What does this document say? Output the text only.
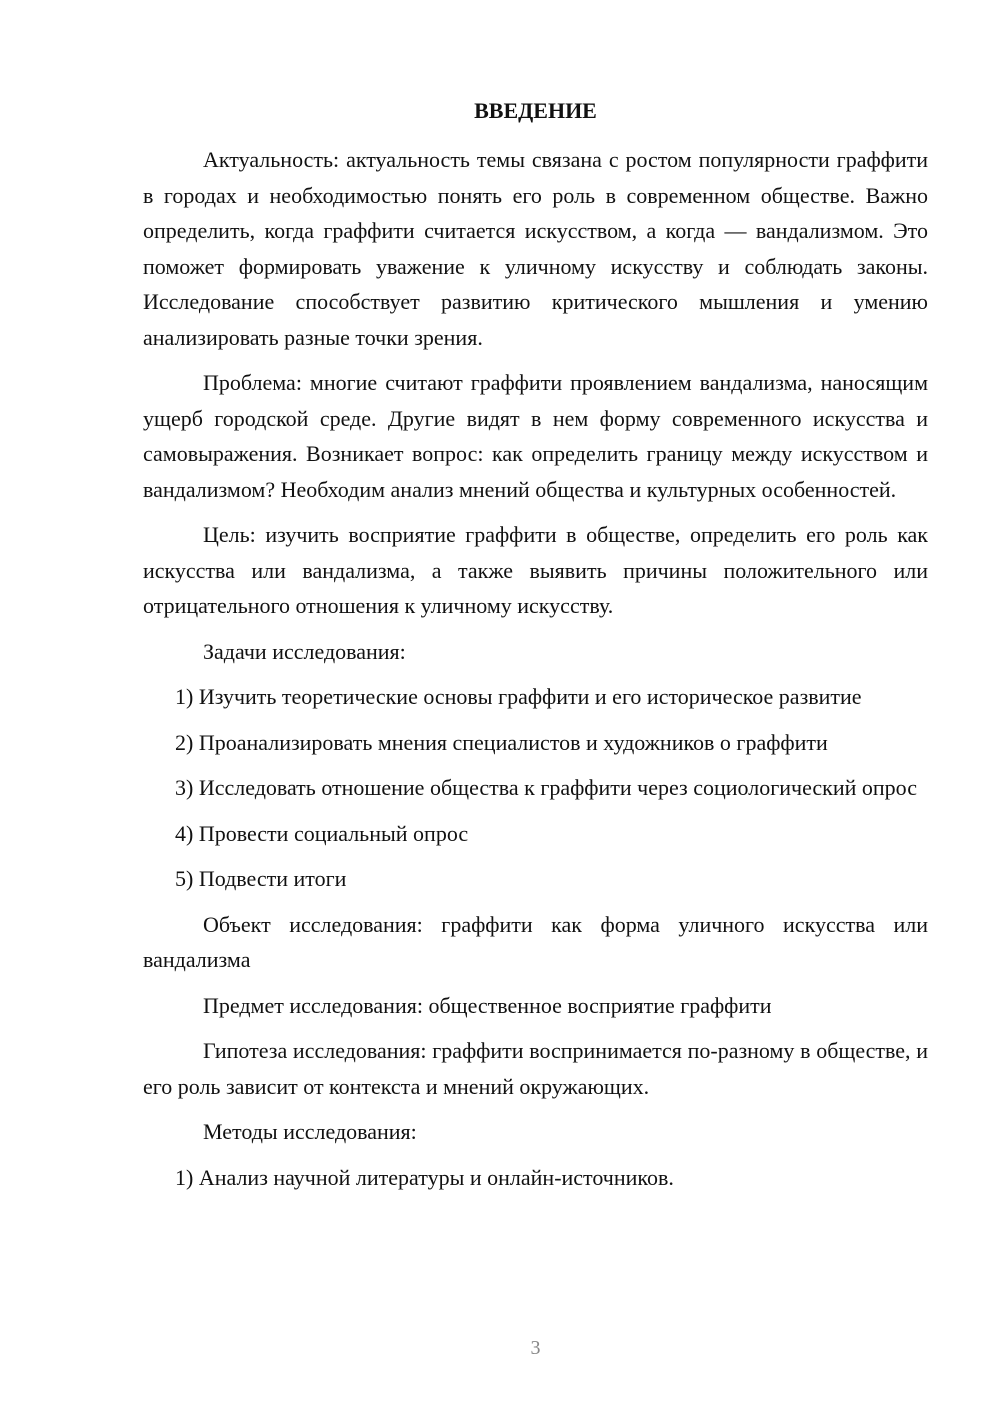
ВВЕДЕНИЕ

Актуальность: актуальность темы связана с ростом популярности граффити в городах и необходимостью понять его роль в современном обществе. Важно определить, когда граффити считается искусством, а когда — вандализмом. Это поможет формировать уважение к уличному искусству и соблюдать законы. Исследование способствует развитию критического мышления и умению анализировать разные точки зрения.

Проблема: многие считают граффити проявлением вандализма, наносящим ущерб городской среде. Другие видят в нем форму современного искусства и самовыражения. Возникает вопрос: как определить границу между искусством и вандализмом? Необходим анализ мнений общества и культурных особенностей.

Цель: изучить восприятие граффити в обществе, определить его роль как искусства или вандализма, а также выявить причины положительного или отрицательного отношения к уличному искусству.

Задачи исследования:

1) Изучить теоретические основы граффити и его историческое развитие

2) Проанализировать мнения специалистов и художников о граффити

3) Исследовать отношение общества к граффити через социологический опрос

4) Провести социальный опрос

5) Подвести итоги

Объект исследования: граффити как форма уличного искусства или вандализма

Предмет исследования: общественное восприятие граффити

Гипотеза исследования: граффити воспринимается по-разному в обществе, и его роль зависит от контекста и мнений окружающих.

Методы исследования:

1) Анализ научной литературы и онлайн-источников.

3
